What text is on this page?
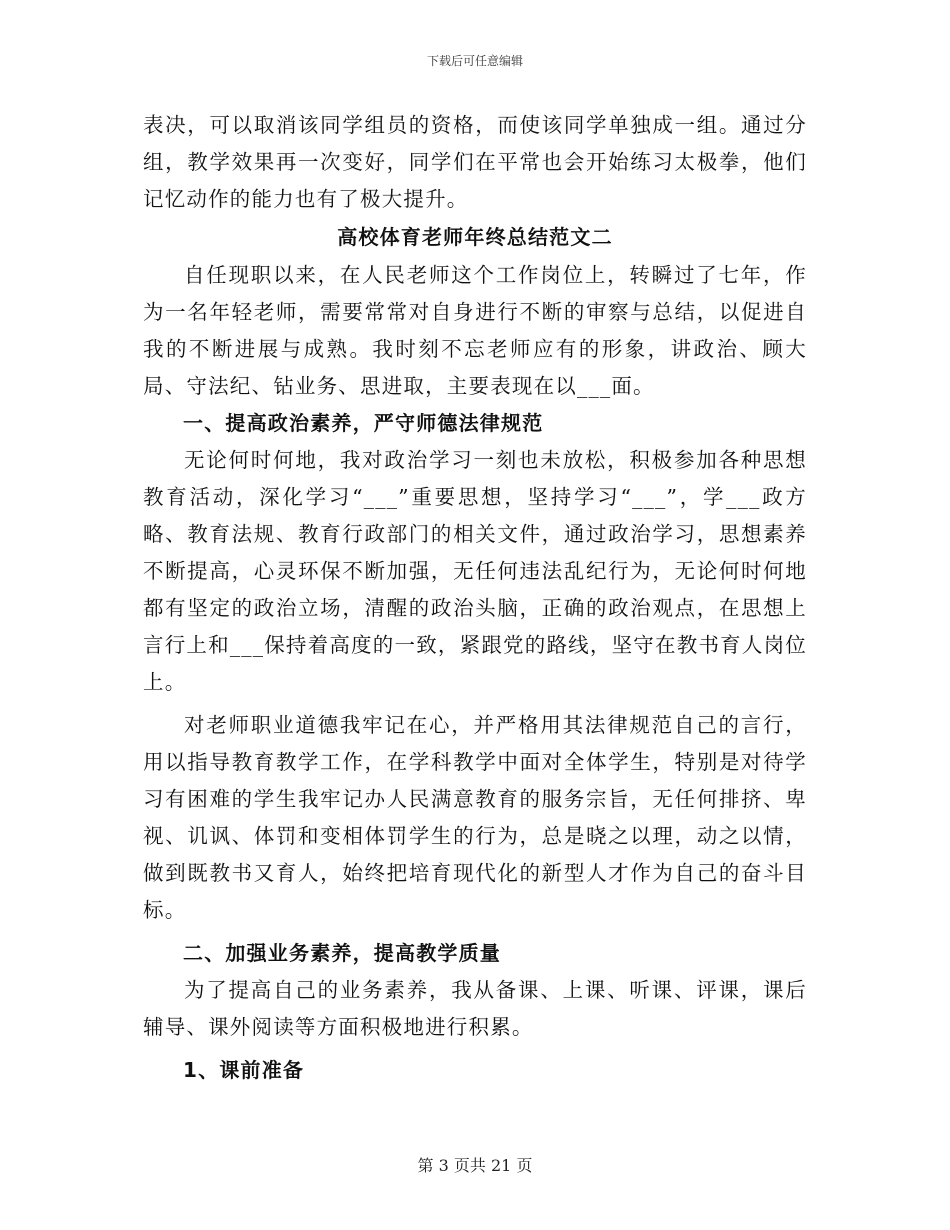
下载后可任意编辑

表决，可以取消该同学组员的资格，而使该同学单独成一组。通过分组，教学效果再一次变好，同学们在平常也会开始练习太极拳，他们记忆动作的能力也有了极大提升。

高校体育老师年终总结范文二

自任现职以来，在人民老师这个工作岗位上，转瞬过了七年，作为一名年轻老师，需要常常对自身进行不断的审察与总结，以促进自我的不断进展与成熟。我时刻不忘老师应有的形象，讲政治、顾大局、守法纪、钻业务、思进取，主要表现在以___面。

一、提高政治素养，严守师德法律规范

无论何时何地，我对政治学习一刻也未放松，积极参加各种思想教育活动，深化学习“___”重要思想，坚持学习“___”，学___政方略、教育法规、教育行政部门的相关文件，通过政治学习，思想素养不断提高，心灵环保不断加强，无任何违法乱纪行为，无论何时何地都有坚定的政治立场，清醒的政治头脑，正确的政治观点，在思想上言行上和___保持着高度的一致，紧跟党的路线，坚守在教书育人岗位上。

对老师职业道德我牢记在心，并严格用其法律规范自己的言行，用以指导教育教学工作，在学科教学中面对全体学生，特别是对待学习有困难的学生我牢记办人民满意教育的服务宗旨，无任何排挤、卑视、讥讽、体罚和变相体罚学生的行为，总是晓之以理，动之以情，做到既教书又育人，始终把培育现代化的新型人才作为自己的奋斗目标。

二、加强业务素养，提高教学质量

为了提高自己的业务素养，我从备课、上课、听课、评课，课后辅导、课外阅读等方面积极地进行积累。

1、课前准备

第 3 页共 21 页
